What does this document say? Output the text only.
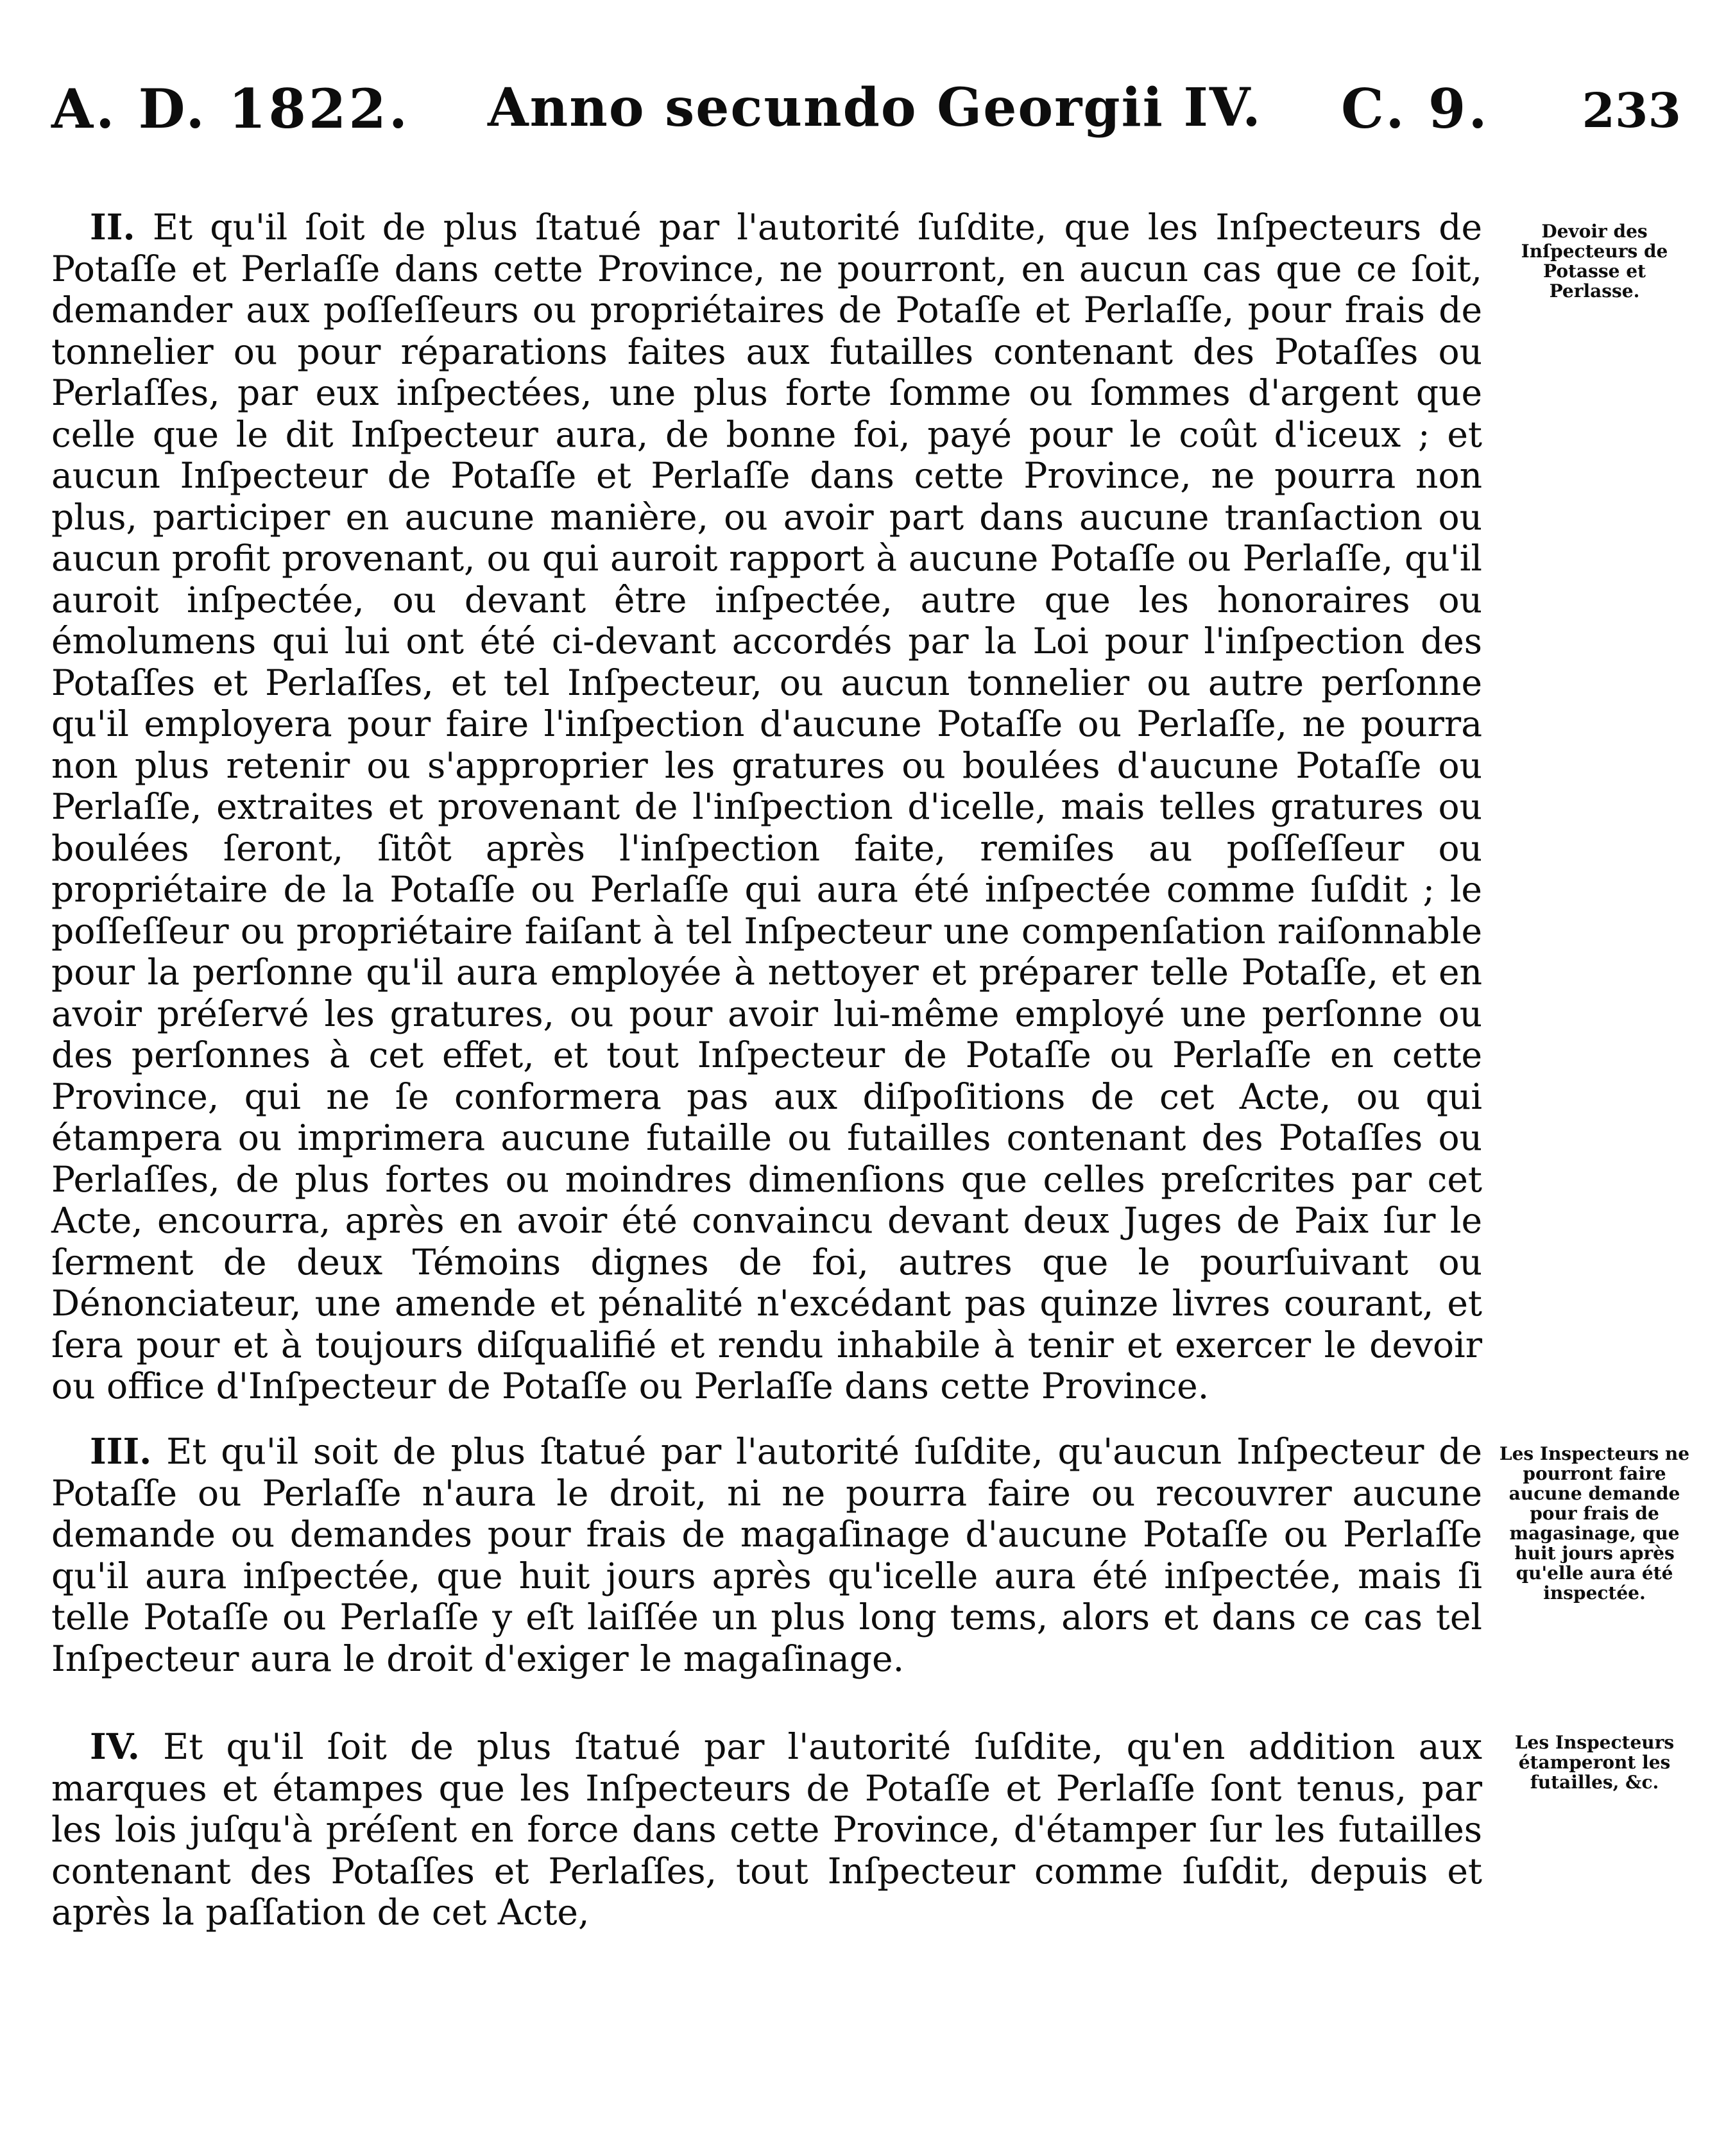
A. D. 1822. Anno secundo Georgii IV. C. 9. 233

II. Et qu'il ſoit de plus ſtatué par l'autorité ſuſdite, que les Inſpecteurs de Potaſſe et Perlaſſe dans cette Province, ne pourront, en aucun cas que ce ſoit, demander aux poſſeſſeurs ou propriétaires de Potaſſe et Perlaſſe, pour frais de tonnelier ou pour réparations faites aux futailles contenant des Potaſſes ou Perlaſſes, par eux inſpectées, une plus forte ſomme ou ſommes d'argent que celle que le dit Inſpecteur aura, de bonne foi, payé pour le coût d'iceux ; et aucun Inſpecteur de Potaſſe et Perlaſſe dans cette Province, ne pourra non plus, participer en aucune manière, ou avoir part dans aucune tranſaction ou aucun profit provenant, ou qui auroit rapport à aucune Potaſſe ou Perlaſſe, qu'il auroit inſpectée, ou devant être inſpectée, autre que les honoraires ou émolumens qui lui ont été ci-devant accordés par la Loi pour l'inſpection des Potaſſes et Perlaſſes, et tel Inſpecteur, ou aucun tonnelier ou autre perſonne qu'il employera pour faire l'inſpection d'aucune Potaſſe ou Perlaſſe, ne pourra non plus retenir ou s'approprier les gratures ou boulées d'aucune Potaſſe ou Perlaſſe, extraites et provenant de l'inſpection d'icelle, mais telles gratures ou boulées ſeront, ſitôt après l'inſpection faite, remiſes au poſſeſſeur ou propriétaire de la Potaſſe ou Perlaſſe qui aura été inſpectée comme ſuſdit ; le poſſeſſeur ou propriétaire faiſant à tel Inſpecteur une compenſation raiſonnable pour la perſonne qu'il aura employée à nettoyer et préparer telle Potaſſe, et en avoir préſervé les gratures, ou pour avoir lui-même employé une perſonne ou des perſonnes à cet effet, et tout Inſpecteur de Potaſſe ou Perlaſſe en cette Province, qui ne ſe conformera pas aux diſpoſitions de cet Acte, ou qui étampera ou imprimera aucune futaille ou futailles contenant des Potaſſes ou Perlaſſes, de plus fortes ou moindres dimenſions que celles preſcrites par cet Acte, encourra, après en avoir été convaincu devant deux Juges de Paix ſur le ſerment de deux Témoins dignes de foi, autres que le pourſuivant ou Dénonciateur, une amende et pénalité n'excédant pas quinze livres courant, et ſera pour et à toujours diſqualifié et rendu inhabile à tenir et exercer le devoir ou office d'Inſpecteur de Potaſſe ou Perlaſſe dans cette Province.

Devoir des Inſpecteurs de Potasse et Perlasse.

III. Et qu'il soit de plus ſtatué par l'autorité ſuſdite, qu'aucun Inſpecteur de Potaſſe ou Perlaſſe n'aura le droit, ni ne pourra faire ou recouvrer aucune demande ou demandes pour frais de magaſinage d'aucune Potaſſe ou Perlaſſe qu'il aura inſpectée, que huit jours après qu'icelle aura été inſpectée, mais ſi telle Potaſſe ou Perlaſſe y eſt laiſſée un plus long tems, alors et dans ce cas tel Inſpecteur aura le droit d'exiger le magaſinage.

Les Inspecteurs ne pourront faire aucune demande pour frais de magasinage, que huit jours après qu'elle aura été inspectée.

IV. Et qu'il ſoit de plus ſtatué par l'autorité ſuſdite, qu'en addition aux marques et étampes que les Inſpecteurs de Potaſſe et Perlaſſe ſont tenus, par les lois juſqu'à préſent en force dans cette Province, d'étamper ſur les futailles contenant des Potaſſes et Perlaſſes, tout Inſpecteur comme ſuſdit, depuis et après la paſſation de cet Acte,

Les Inspecteurs étamperont les futailles, &c.
